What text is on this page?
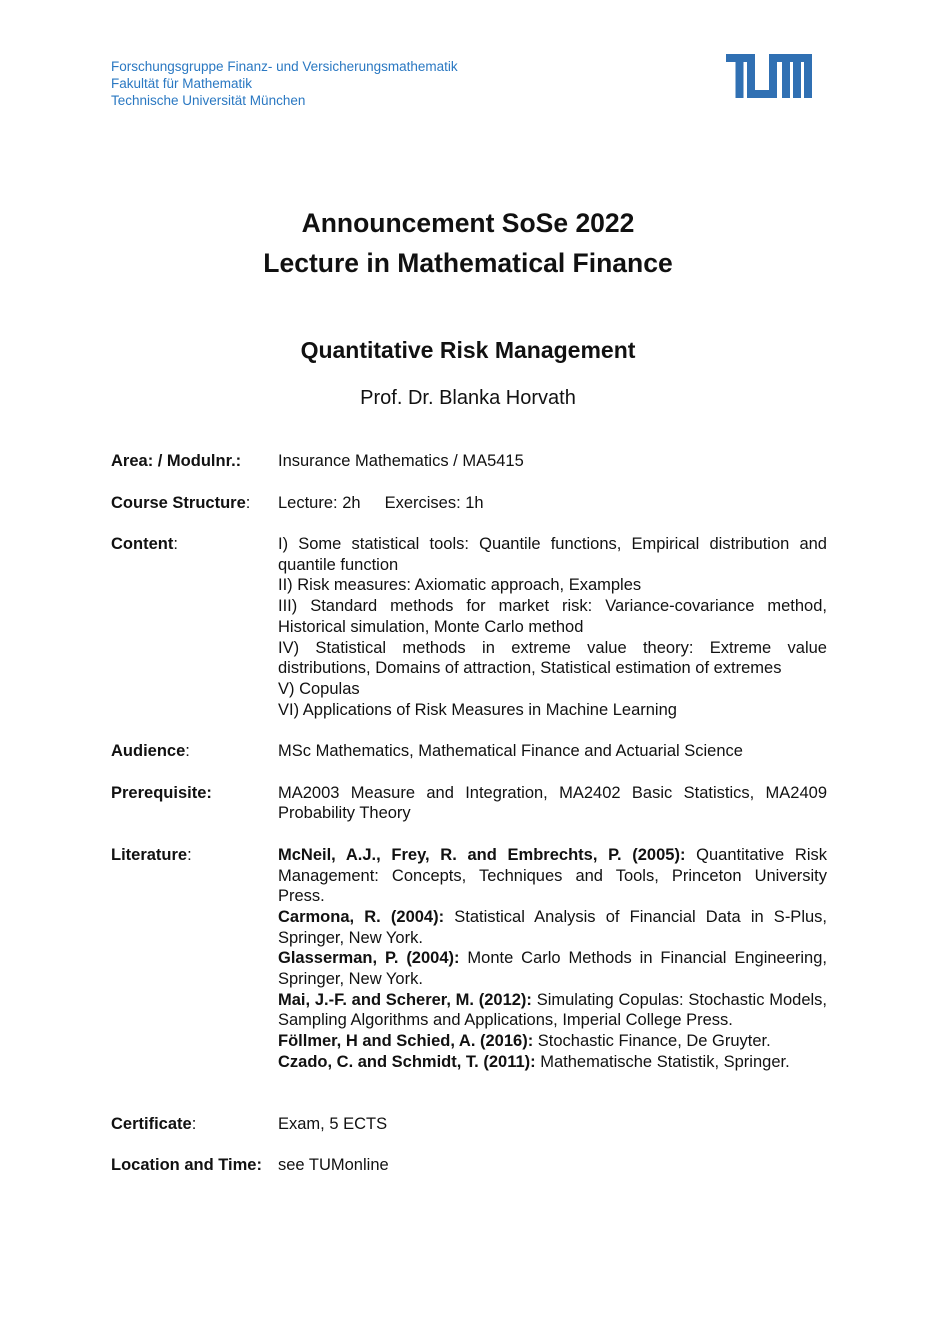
Forschungsgruppe Finanz- und Versicherungsmathematik
Fakultät für Mathematik
Technische Universität München
Announcement SoSe 2022
Lecture in Mathematical Finance
Quantitative Risk Management
Prof. Dr. Blanka Horvath
Area: / Modulnr.:	Insurance Mathematics / MA5415
Course Structure:	Lecture: 2h Exercises: 1h
Content:	I) Some statistical tools: Quantile functions, Empirical distribution and quantile function
II) Risk measures: Axiomatic approach, Examples
III) Standard methods for market risk: Variance-covariance method, Historical simulation, Monte Carlo method
IV) Statistical methods in extreme value theory: Extreme value distributions, Domains of attraction, Statistical estimation of extremes
V) Copulas
VI) Applications of Risk Measures in Machine Learning
Audience:	MSc Mathematics, Mathematical Finance and Actuarial Science
Prerequisite:	MA2003 Measure and Integration, MA2402 Basic Statistics, MA2409 Probability Theory
Literature:	McNeil, A.J., Frey, R. and Embrechts, P. (2005): Quantitative Risk Management: Concepts, Techniques and Tools, Princeton University Press.
Carmona, R. (2004): Statistical Analysis of Financial Data in S-Plus, Springer, New York.
Glasserman, P. (2004): Monte Carlo Methods in Financial Engineering, Springer, New York.
Mai, J.-F. and Scherer, M. (2012): Simulating Copulas: Stochastic Models, Sampling Algorithms and Applications, Imperial College Press.
Föllmer, H and Schied, A. (2016): Stochastic Finance, De Gruyter.
Czado, C. and Schmidt, T. (2011): Mathematische Statistik, Springer.
Certificate:	Exam, 5 ECTS
Location and Time: see TUMonline
